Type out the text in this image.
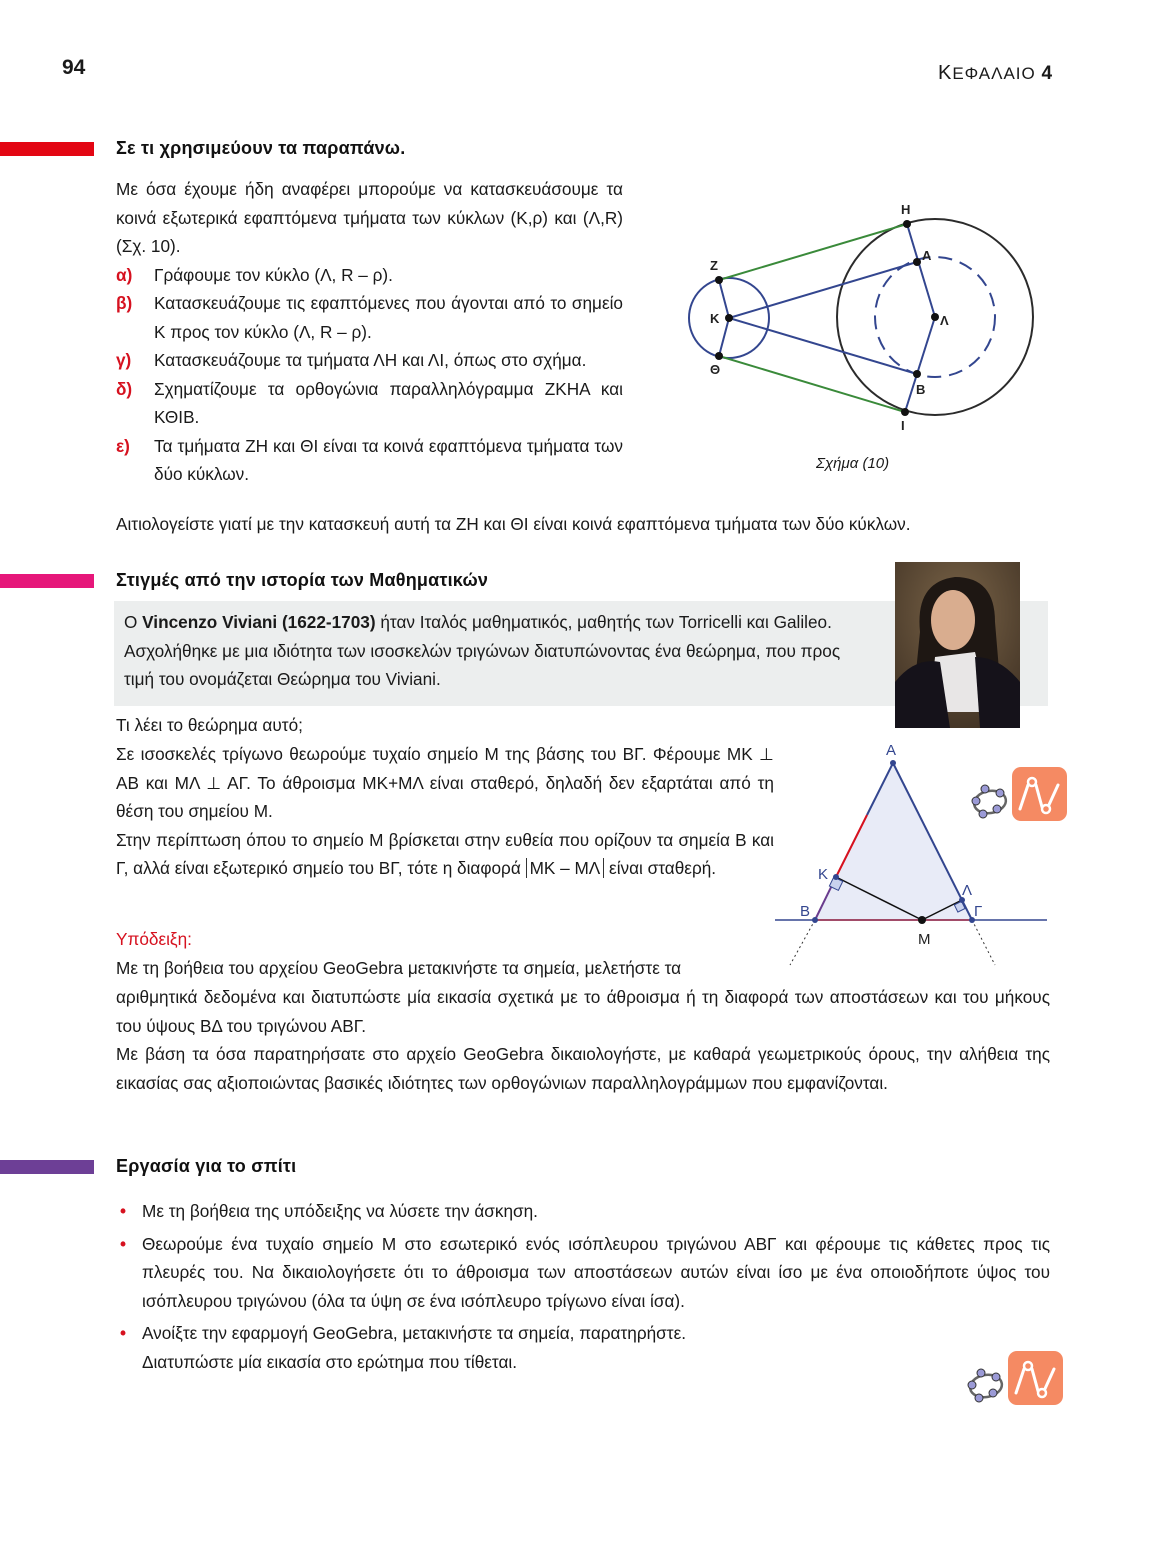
94	ΚΕΦΑΛΑΙΟ 4
Σε τι χρησιμεύουν τα παραπάνω.
Με όσα έχουμε ήδη αναφέρει μπορούμε να κατασκευάσουμε τα κοινά εξωτερικά εφαπτόμενα τμήματα των κύκλων (Κ,ρ) και (Λ,R) (Σχ. 10).
α)	Γράφουμε τον κύκλο (Λ, R – ρ).
β)	Κατασκευάζουμε τις εφαπτόμενες που άγονται από το σημείο Κ προς τον κύκλο (Λ, R – ρ).
γ)	Κατασκευάζουμε τα τμήματα ΛΗ και ΛΙ, όπως στο σχήμα.
δ)	Σχηματίζουμε τα ορθογώνια παραλληλόγραμμα ΖΚΗΑ και ΚΘΙΒ.
ε)	Τα τμήματα ΖΗ και ΘΙ είναι τα κοινά εφαπτόμενα τμήματα των δύο κύκλων.
Η
Α
Ζ
Κ	Λ
Θ
Β
Ι
Σχήμα (10)
Αιτιολογείστε γιατί με την κατασκευή αυτή τα ΖΗ και ΘΙ είναι κοινά εφαπτόμενα τμήματα των δύο κύκλων.
Στιγμές από την ιστορία των Μαθηματικών
Ο Vincenzo Viviani (1622-1703) ήταν Ιταλός μαθηματικός, μαθητής των Torricelli και Galileo. Ασχολήθηκε με μια ιδιότητα των ισοσκελών τριγώνων διατυπώνοντας ένα θεώρημα, που προς τιμή του ονομάζεται Θεώρημα του Viviani.
Τι λέει το θεώρημα αυτό;
Σε ισοσκελές τρίγωνο θεωρούμε τυχαίο σημείο Μ της βάσης του ΒΓ. Φέρουμε ΜΚ ⊥ ΑΒ και ΜΛ ⊥ ΑΓ. Το άθροισμα ΜΚ+ΜΛ είναι σταθερό, δηλαδή δεν εξαρτάται από τη θέση του σημείου Μ.
Στην περίπτωση όπου το σημείο Μ βρίσκεται στην ευθεία που ορίζουν τα σημεία Β και Γ, αλλά είναι εξωτερικό σημείο του ΒΓ, τότε η διαφορά ΜΚ – ΜΛ είναι σταθερή.
Α
Β	Γ
Κ
Λ
Μ
Υπόδειξη:
Με τη βοήθεια του αρχείου GeoGebra μετακινήστε τα σημεία, μελετήστε τα
αριθμητικά δεδομένα και διατυπώστε μία εικασία σχετικά με το άθροισμα ή τη διαφορά των αποστάσεων και του μήκους του ύψους ΒΔ του τριγώνου ΑΒΓ.
Με βάση τα όσα παρατηρήσατε στο αρχείο GeoGebra δικαιολογήστε, με καθαρά γεωμετρικούς όρους, την αλήθεια της εικασίας σας αξιοποιώντας βασικές ιδιότητες των ορθογώνιων παραλληλογράμμων που εμφανίζονται.
Εργασία για το σπίτι
• Με τη βοήθεια της υπόδειξης να λύσετε την άσκηση.
• Θεωρούμε ένα τυχαίο σημείο Μ στο εσωτερικό ενός ισόπλευρου τριγώνου ΑΒΓ και φέρουμε τις κάθετες προς τις πλευρές του. Να δικαιολογήσετε ότι το άθροισμα των αποστάσεων αυτών είναι ίσο με ένα οποιοδήποτε ύψος του ισόπλευρου τριγώνου (όλα τα ύψη σε ένα ισόπλευρο τρίγωνο είναι ίσα).
• Ανοίξτε την εφαρμογή GeoGebra, μετακινήστε τα σημεία, παρατηρήστε.
Διατυπώστε μία εικασία στο ερώτημα που τίθεται.
